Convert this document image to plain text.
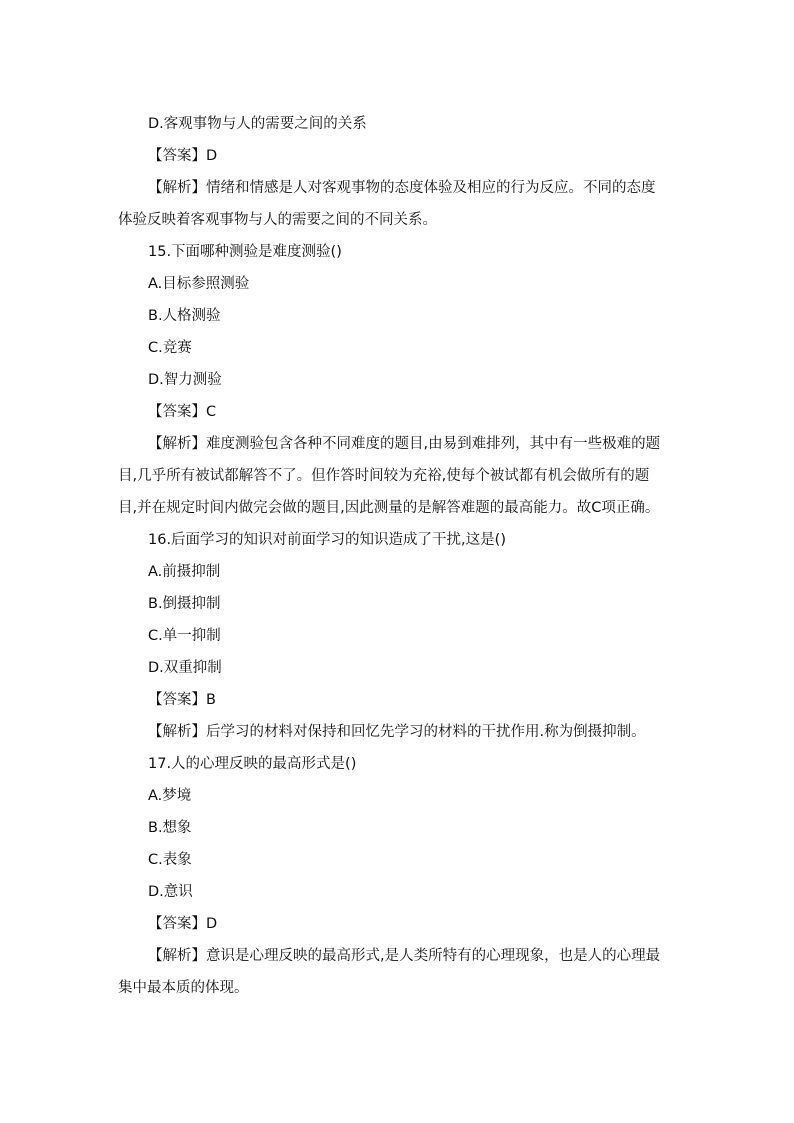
D.客观事物与人的需要之间的关系
【答案】D
【解析】情绪和情感是人对客观事物的态度体验及相应的行为反应。不同的态度体验反映着客观事物与人的需要之间的不同关系。
15.下面哪种测验是难度测验()
A.目标参照测验
B.人格测验
C.竞赛
D.智力测验
【答案】C
【解析】难度测验包含各种不同难度的题目,由易到难排列，其中有一些极难的题目,几乎所有被试都解答不了。但作答时间较为充裕,使每个被试都有机会做所有的题目,并在规定时间内做完会做的题目,因此测量的是解答难题的最高能力。故C项正确。
16.后面学习的知识对前面学习的知识造成了干扰,这是()
A.前摄抑制
B.倒摄抑制
C.单一抑制
D.双重抑制
【答案】B
【解析】后学习的材料对保持和回忆先学习的材料的干扰作用.称为倒摄抑制。
17.人的心理反映的最高形式是()
A.梦境
B.想象
C.表象
D.意识
【答案】D
【解析】意识是心理反映的最高形式,是人类所特有的心理现象，也是人的心理最集中最本质的体现。
